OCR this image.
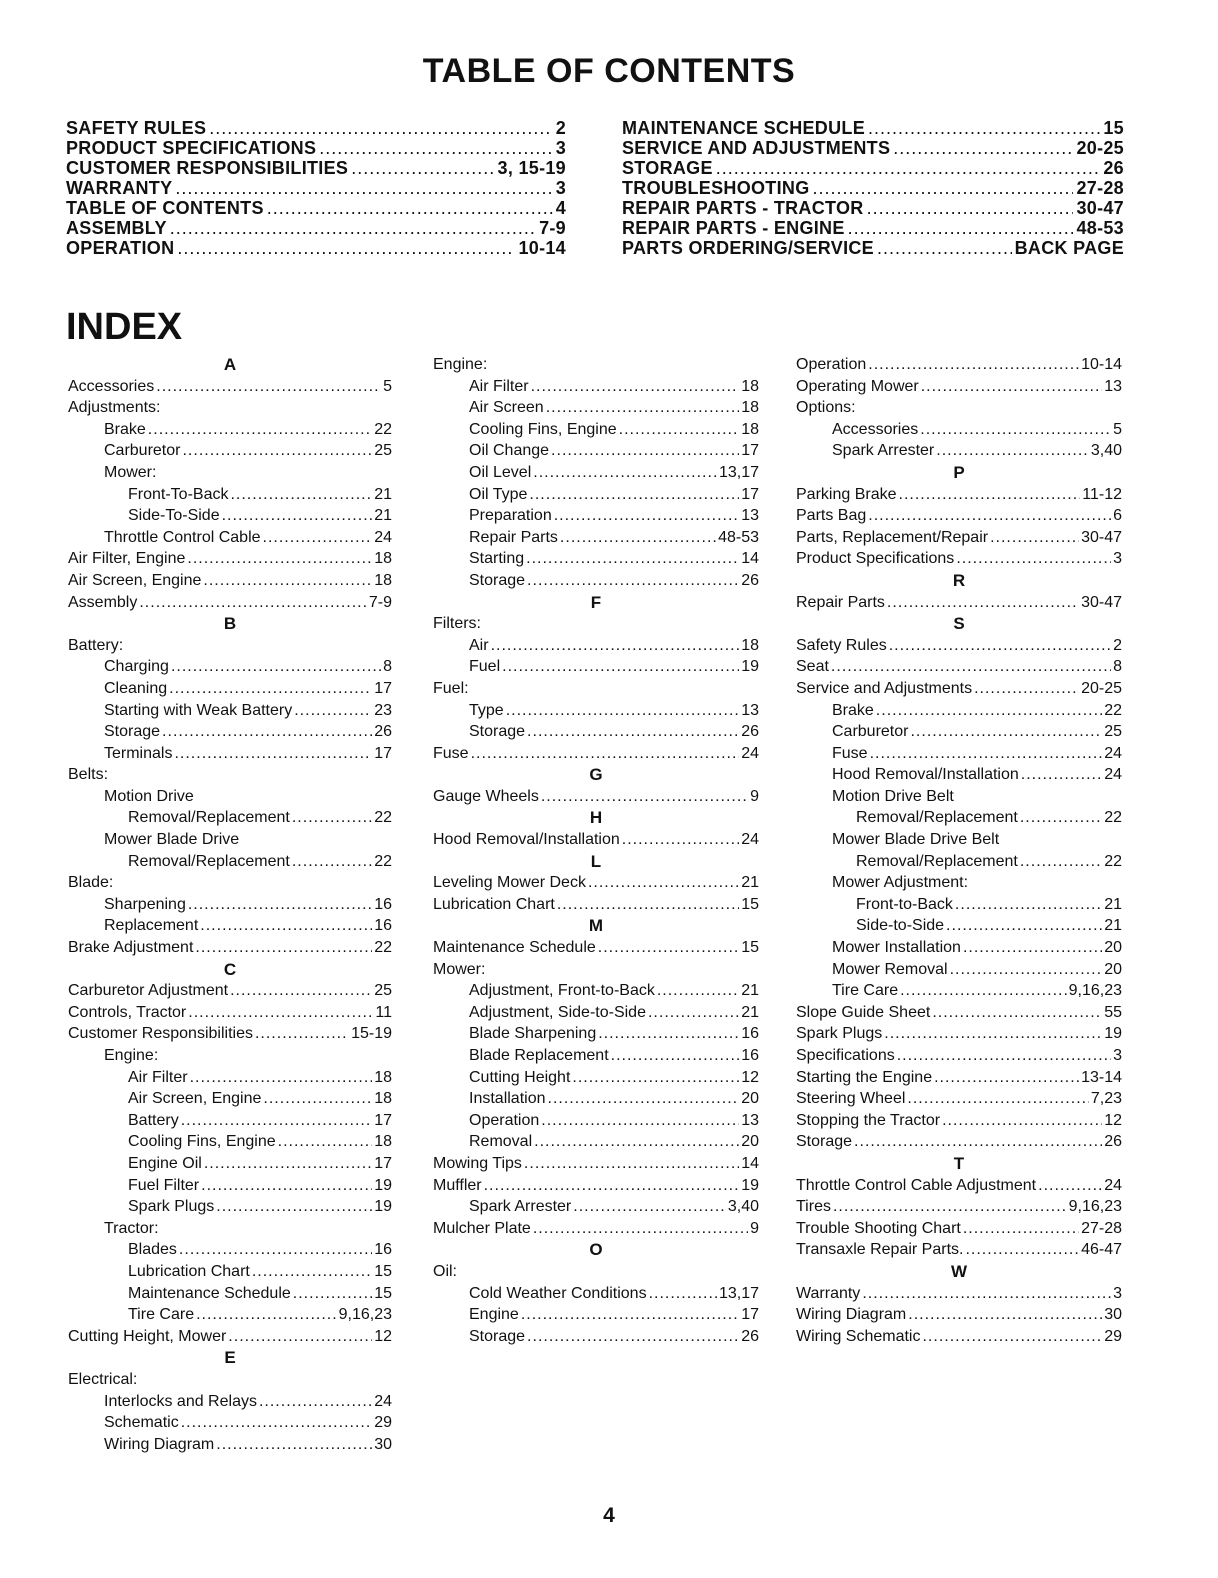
TABLE OF CONTENTS
SAFETY RULES .....	2
PRODUCT SPECIFICATIONS .....	3
CUSTOMER RESPONSIBILITIES .....	3, 15-19
WARRANTY .....	3
TABLE OF CONTENTS .....	4
ASSEMBLY .....	7-9
OPERATION .....	10-14
MAINTENANCE SCHEDULE .....	15
SERVICE AND ADJUSTMENTS .....	20-25
STORAGE .....	26
TROUBLESHOOTING .....	27-28
REPAIR PARTS - TRACTOR .....	30-47
REPAIR PARTS - ENGINE .....	48-53
PARTS ORDERING/SERVICE .....	BACK PAGE
INDEX
A
Accessories .....	5
Adjustments:
Brake .....	22
Carburetor .....	25
Mower:
Front-To-Back .....	21
Side-To-Side .....	21
Throttle Control Cable .....	24
Air Filter, Engine .....	18
Air Screen, Engine .....	18
Assembly .....	7-9
B
Battery:
Charging .....	8
Cleaning .....	17
Starting with Weak Battery .....	23
Storage .....	26
Terminals .....	17
Belts:
Motion Drive
Removal/Replacement .....	22
Mower Blade Drive
Removal/Replacement .....	22
Blade:
Sharpening .....	16
Replacement .....	16
Brake Adjustment .....	22
C
Carburetor Adjustment .....	25
Controls, Tractor .....	11
Customer Responsibilities .....	15-19
Engine:
Air Filter .....	18
Air Screen, Engine .....	18
Battery .....	17
Cooling Fins, Engine .....	18
Engine Oil .....	17
Fuel Filter .....	19
Spark Plugs .....	19
Tractor:
Blades .....	16
Lubrication Chart .....	15
Maintenance Schedule .....	15
Tire Care .....	9,16,23
Cutting Height, Mower .....	12
E
Electrical:
Interlocks and Relays .....	24
Schematic .....	29
Wiring Diagram .....	30
Engine:
Air Filter .....	18
Air Screen .....	18
Cooling Fins, Engine .....	18
Oil Change .....	17
Oil Level .....	13,17
Oil Type .....	17
Preparation .....	13
Repair Parts .....	48-53
Starting .....	14
Storage .....	26
F
Filters:
Air .....	18
Fuel .....	19
Fuel:
Type .....	13
Storage .....	26
Fuse .....	24
G
Gauge Wheels .....	9
H
Hood Removal/Installation .....	24
L
Leveling Mower Deck .....	21
Lubrication Chart .....	15
M
Maintenance Schedule .....	15
Mower:
Adjustment, Front-to-Back .....	21
Adjustment, Side-to-Side .....	21
Blade Sharpening .....	16
Blade Replacement .....	16
Cutting Height .....	12
Installation .....	20
Operation .....	13
Removal .....	20
Mowing Tips .....	14
Muffler .....	19
Spark Arrester .....	3,40
Mulcher Plate .....	9
O
Oil:
Cold Weather Conditions .....	13,17
Engine .....	17
Storage .....	26
Operation .....	10-14
Operating Mower .....	13
Options:
Accessories .....	5
Spark Arrester .....	3,40
P
Parking Brake .....	11-12
Parts Bag .....	6
Parts, Replacement/Repair .....	30-47
Product Specifications .....	3
R
Repair Parts .....	30-47
S
Safety Rules .....	2
Seat .....	8
Service and Adjustments .....	20-25
Brake .....	22
Carburetor .....	25
Fuse .....	24
Hood Removal/Installation .....	24
Motion Drive Belt
Removal/Replacement .....	22
Mower Blade Drive Belt
Removal/Replacement .....	22
Mower Adjustment:
Front-to-Back .....	21
Side-to-Side .....	21
Mower Installation .....	20
Mower Removal .....	20
Tire Care .....	9,16,23
Slope Guide Sheet .....	55
Spark Plugs .....	19
Specifications .....	3
Starting the Engine .....	13-14
Steering Wheel .....	7,23
Stopping the Tractor .....	12
Storage .....	26
T
Throttle Control Cable Adjustment .....	24
Tires .....	9,16,23
Trouble Shooting Chart .....	27-28
Transaxle Repair Parts. .....	46-47
W
Warranty .....	3
Wiring Diagram .....	30
Wiring Schematic .....	29
4
